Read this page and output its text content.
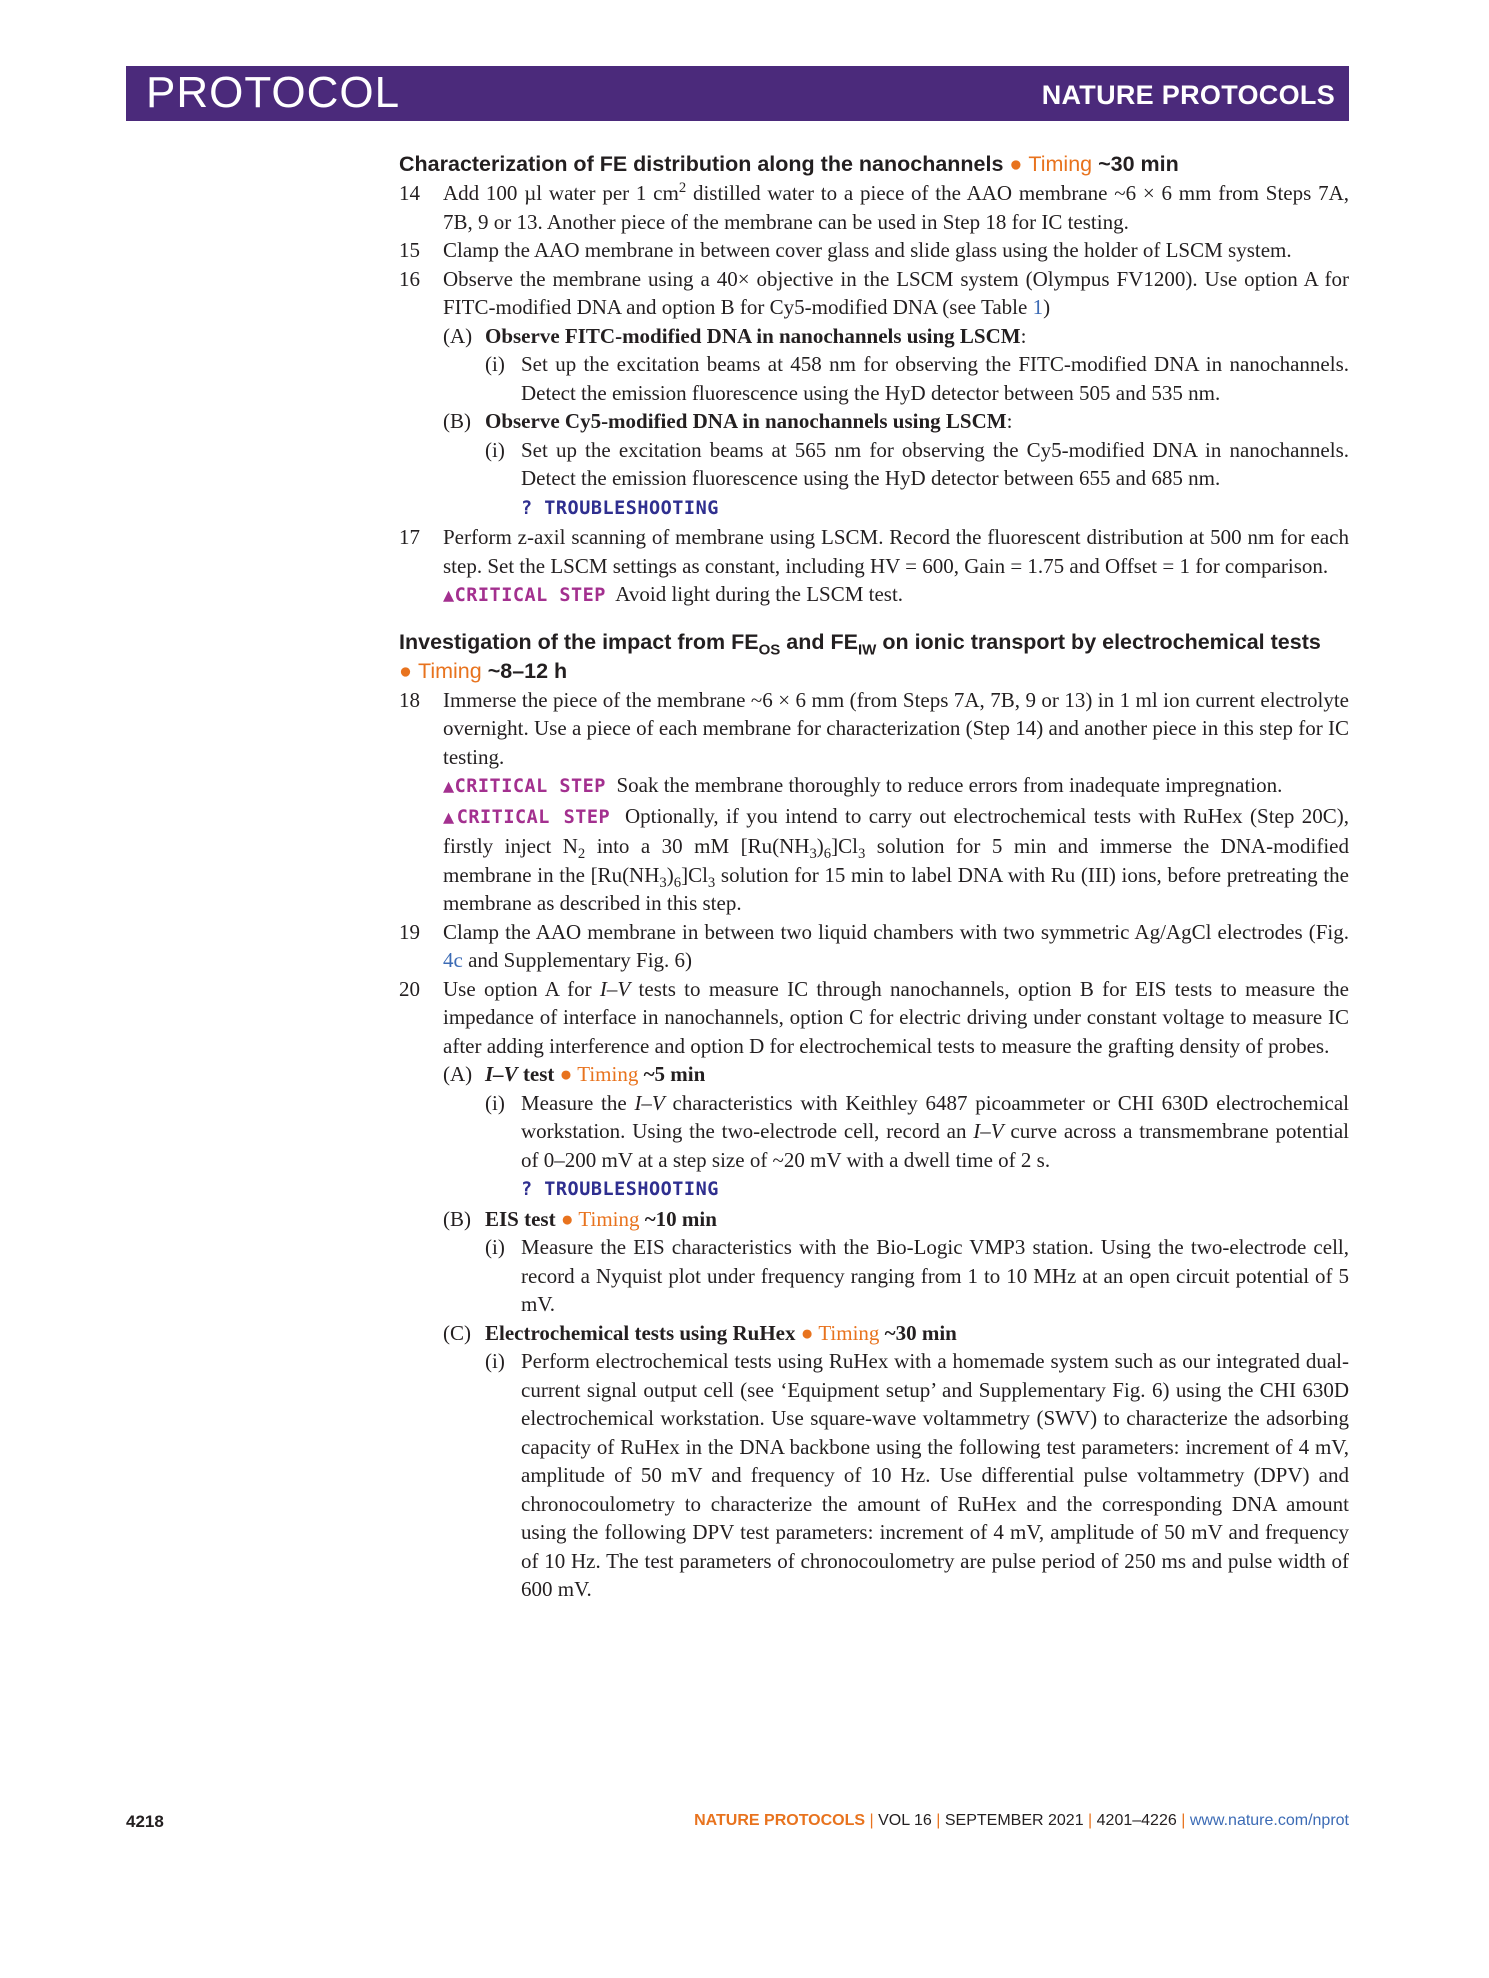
PROTOCOL	NATURE PROTOCOLS
Characterization of FE distribution along the nanochannels ● Timing ~30 min
14 Add 100 µl water per 1 $cm^2$ distilled water to a piece of the AAO membrane ~6 × 6 mm from Steps 7A, 7B, 9 or 13. Another piece of the membrane can be used in Step 18 for IC testing.
15 Clamp the AAO membrane in between cover glass and slide glass using the holder of LSCM system.
16 Observe the membrane using a 40× objective in the LSCM system (Olympus FV1200). Use option A for FITC-modified DNA and option B for Cy5-modified DNA (see Table 1)
(A) Observe FITC-modified DNA in nanochannels using LSCM:
(i) Set up the excitation beams at 458 nm for observing the FITC-modified DNA in nanochannels. Detect the emission fluorescence using the HyD detector between 505 and 535 nm.
(B) Observe Cy5-modified DNA in nanochannels using LSCM:
(i) Set up the excitation beams at 565 nm for observing the Cy5-modified DNA in nanochannels. Detect the emission fluorescence using the HyD detector between 655 and 685 nm.
? TROUBLESHOOTING
17 Perform z-axil scanning of membrane using LSCM. Record the fluorescent distribution at 500 nm for each step. Set the LSCM settings as constant, including HV = 600, Gain = 1.75 and Offset = 1 for comparison.
▲CRITICAL STEP Avoid light during the LSCM test.
Investigation of the impact from $FE_{OS}$ and $FE_{IW}$ on ionic transport by electrochemical tests
● Timing ~8–12 h
18 Immerse the piece of the membrane ~6 × 6 mm (from Steps 7A, 7B, 9 or 13) in 1 ml ion current electrolyte overnight. Use a piece of each membrane for characterization (Step 14) and another piece in this step for IC testing.
▲CRITICAL STEP Soak the membrane thoroughly to reduce errors from inadequate impregnation.
▲CRITICAL STEP Optionally, if you intend to carry out electrochemical tests with RuHex (Step 20C), firstly inject $N_2$ into a 30 mM $[Ru(NH_3)_6]Cl_3$ solution for 5 min and immerse the DNA-modified membrane in the $[Ru(NH_3)_6]Cl_3$ solution for 15 min to label DNA with Ru (III) ions, before pretreating the membrane as described in this step.
19 Clamp the AAO membrane in between two liquid chambers with two symmetric Ag/AgCl electrodes (Fig. 4c and Supplementary Fig. 6)
20 Use option A for I–V tests to measure IC through nanochannels, option B for EIS tests to measure the impedance of interface in nanochannels, option C for electric driving under constant voltage to measure IC after adding interference and option D for electrochemical tests to measure the grafting density of probes.
(A) I–V test ● Timing ~5 min
(i) Measure the I–V characteristics with Keithley 6487 picoammeter or CHI 630D electrochemical workstation. Using the two-electrode cell, record an I–V curve across a transmembrane potential of 0–200 mV at a step size of ~20 mV with a dwell time of 2 s.
? TROUBLESHOOTING
(B) EIS test ● Timing ~10 min
(i) Measure the EIS characteristics with the Bio-Logic VMP3 station. Using the two-electrode cell, record a Nyquist plot under frequency ranging from 1 to 10 MHz at an open circuit potential of 5 mV.
(C) Electrochemical tests using RuHex ● Timing ~30 min
(i) Perform electrochemical tests using RuHex with a homemade system such as our integrated dual-current signal output cell (see ‘Equipment setup’ and Supplementary Fig. 6) using the CHI 630D electrochemical workstation. Use square-wave voltammetry (SWV) to characterize the adsorbing capacity of RuHex in the DNA backbone using the following test parameters: increment of 4 mV, amplitude of 50 mV and frequency of 10 Hz. Use differential pulse voltammetry (DPV) and chronocoulometry to characterize the amount of RuHex and the corresponding DNA amount using the following DPV test parameters: increment of 4 mV, amplitude of 50 mV and frequency of 10 Hz. The test parameters of chronocoulometry are pulse period of 250 ms and pulse width of 600 mV.
4218	NATURE PROTOCOLS | VOL 16 | SEPTEMBER 2021 | 4201–4226 | www.nature.com/nprot
